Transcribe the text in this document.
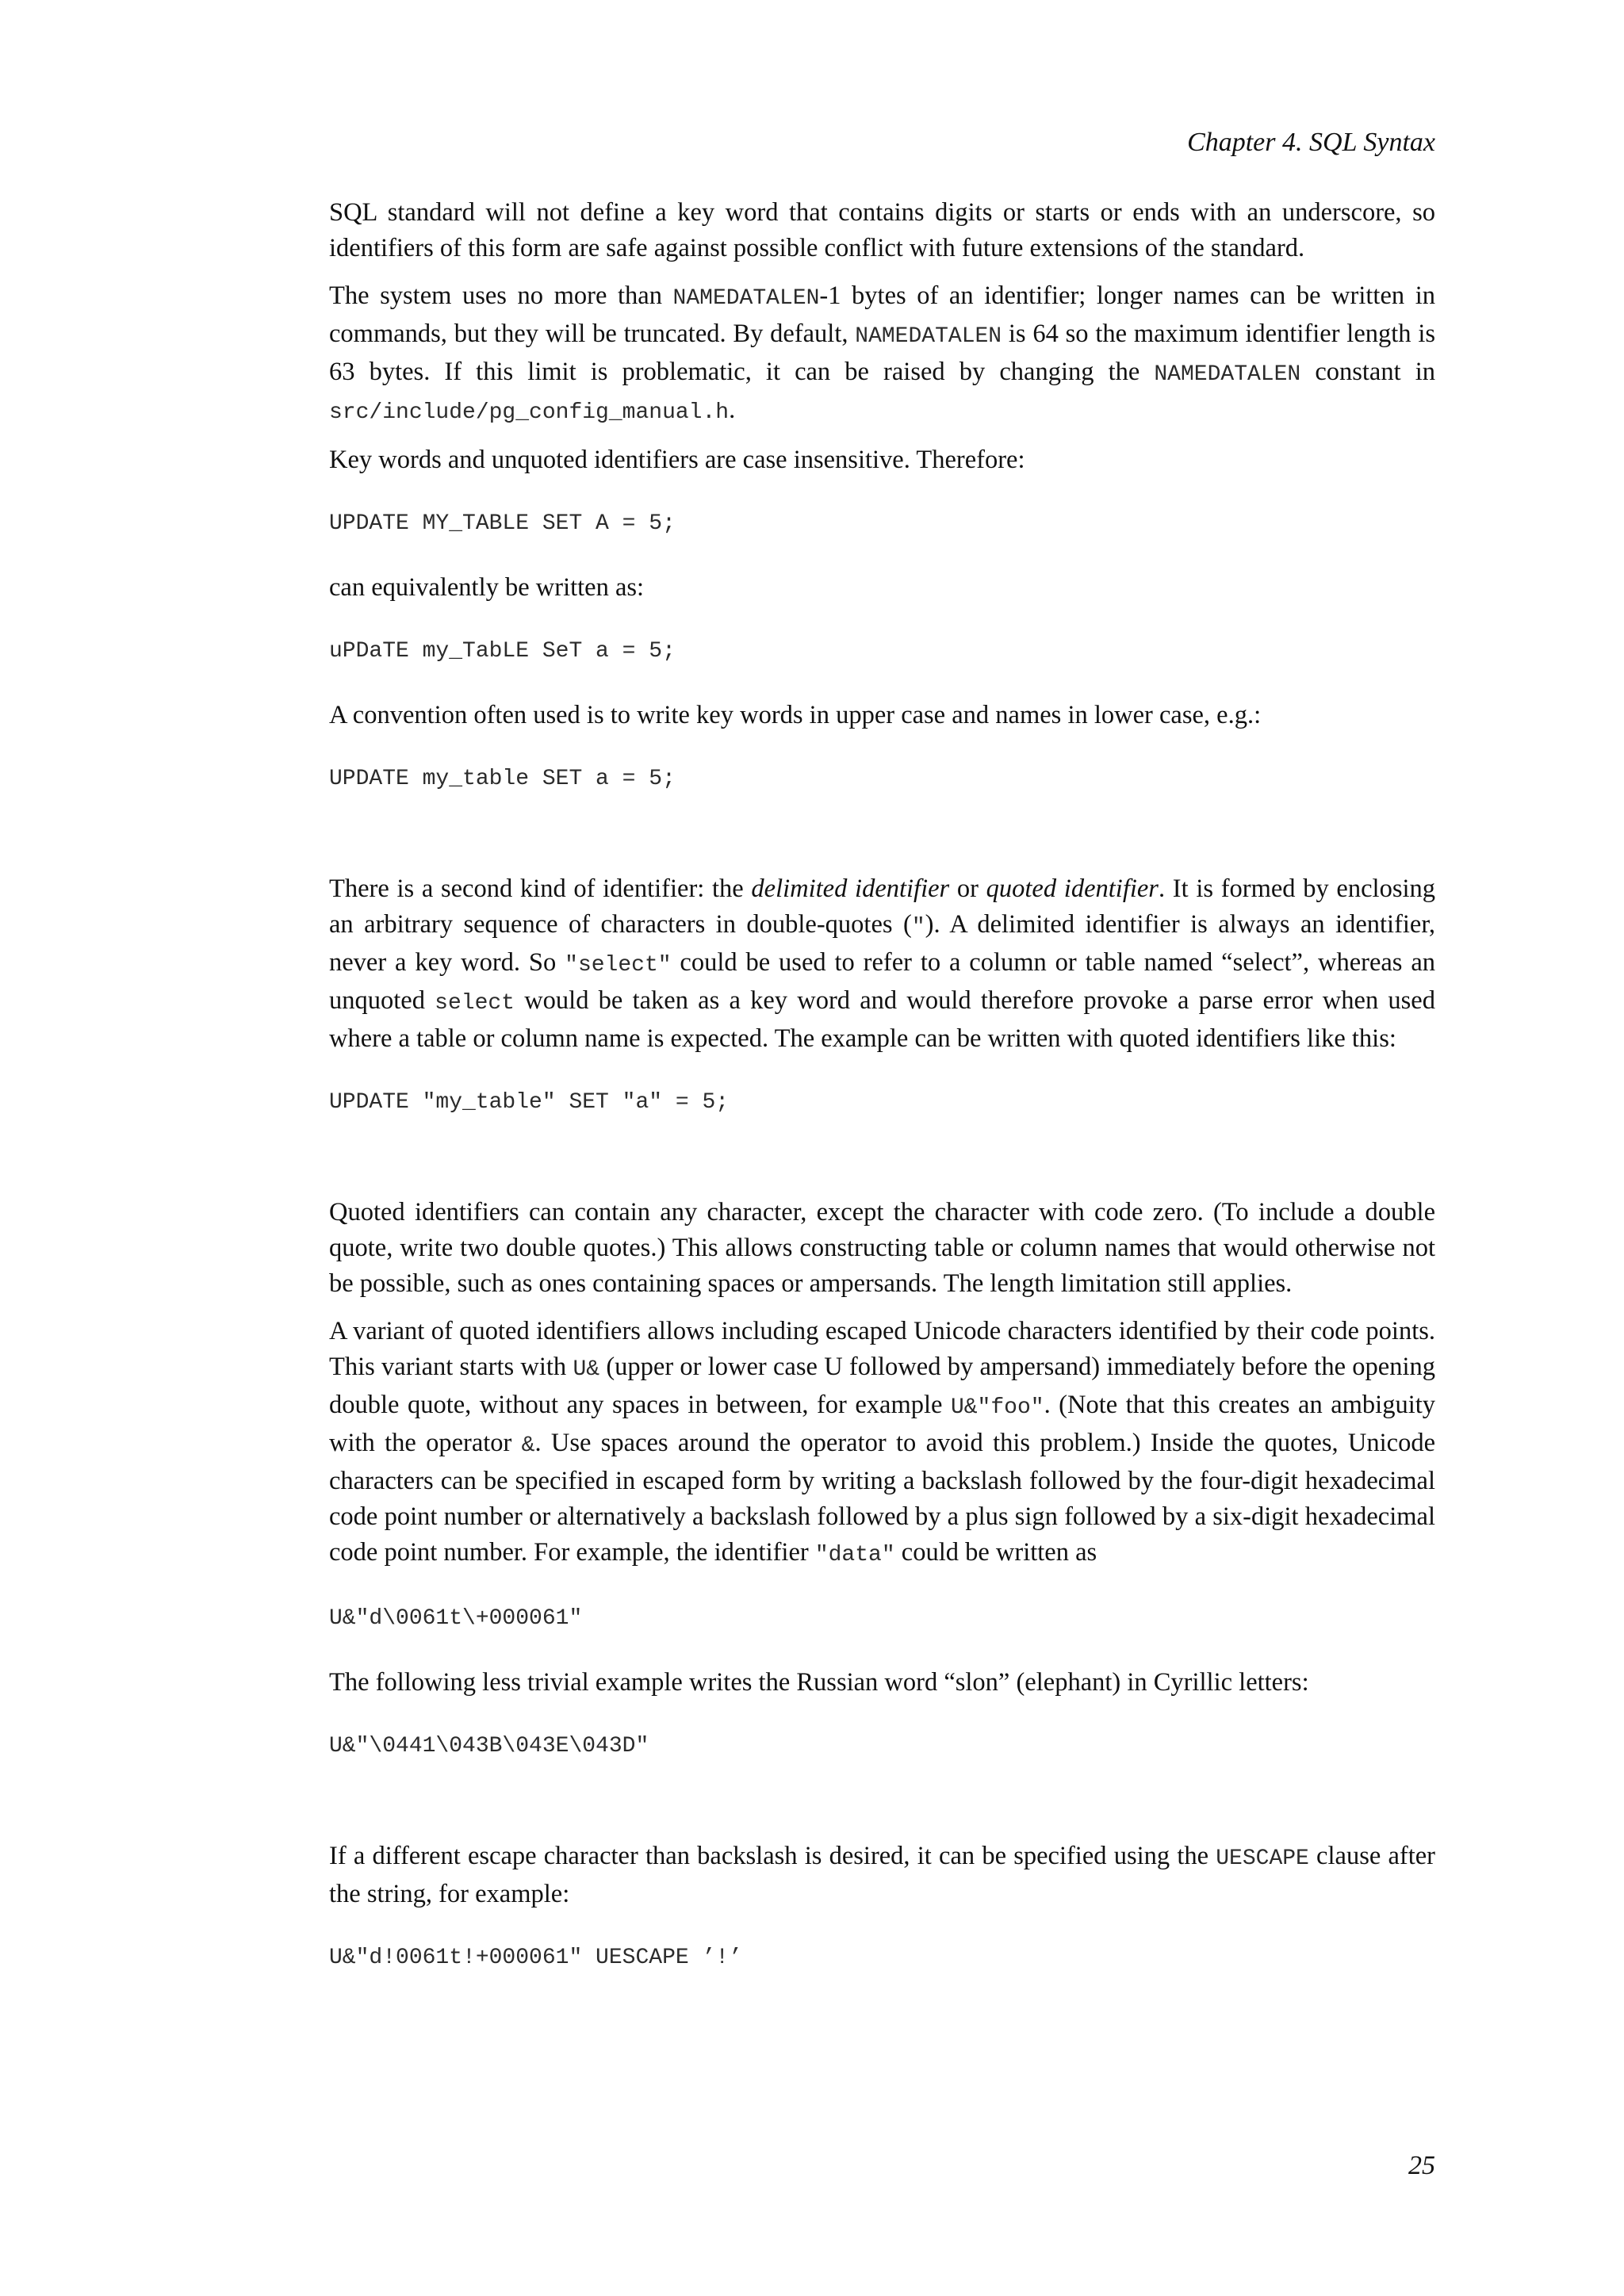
Chapter 4. SQL Syntax

SQL standard will not define a key word that contains digits or starts or ends with an underscore, so identifiers of this form are safe against possible conflict with future extensions of the standard.

The system uses no more than NAMEDATALEN-1 bytes of an identifier; longer names can be written in commands, but they will be truncated. By default, NAMEDATALEN is 64 so the maximum identifier length is 63 bytes. If this limit is problematic, it can be raised by changing the NAMEDATALEN constant in src/include/pg_config_manual.h.

Key words and unquoted identifiers are case insensitive. Therefore:

UPDATE MY_TABLE SET A = 5;

can equivalently be written as:

uPDaTE my_TabLE SeT a = 5;

A convention often used is to write key words in upper case and names in lower case, e.g.:

UPDATE my_table SET a = 5;

There is a second kind of identifier: the delimited identifier or quoted identifier. It is formed by enclosing an arbitrary sequence of characters in double-quotes ("). A delimited identifier is always an identifier, never a key word. So "select" could be used to refer to a column or table named “select”, whereas an unquoted select would be taken as a key word and would therefore provoke a parse error when used where a table or column name is expected. The example can be written with quoted identifiers like this:

UPDATE "my_table" SET "a" = 5;

Quoted identifiers can contain any character, except the character with code zero. (To include a double quote, write two double quotes.) This allows constructing table or column names that would otherwise not be possible, such as ones containing spaces or ampersands. The length limitation still applies.

A variant of quoted identifiers allows including escaped Unicode characters identified by their code points. This variant starts with U& (upper or lower case U followed by ampersand) immediately before the opening double quote, without any spaces in between, for example U&"foo". (Note that this creates an ambiguity with the operator &. Use spaces around the operator to avoid this problem.) Inside the quotes, Unicode characters can be specified in escaped form by writing a backslash followed by the four-digit hexadecimal code point number or alternatively a backslash followed by a plus sign followed by a six-digit hexadecimal code point number. For example, the identifier "data" could be written as

U&"d\0061t\+000061"

The following less trivial example writes the Russian word “slon” (elephant) in Cyrillic letters:

U&"\0441\043B\043E\043D"

If a different escape character than backslash is desired, it can be specified using the UESCAPE clause after the string, for example:

U&"d!0061t!+000061" UESCAPE ’!’
25
